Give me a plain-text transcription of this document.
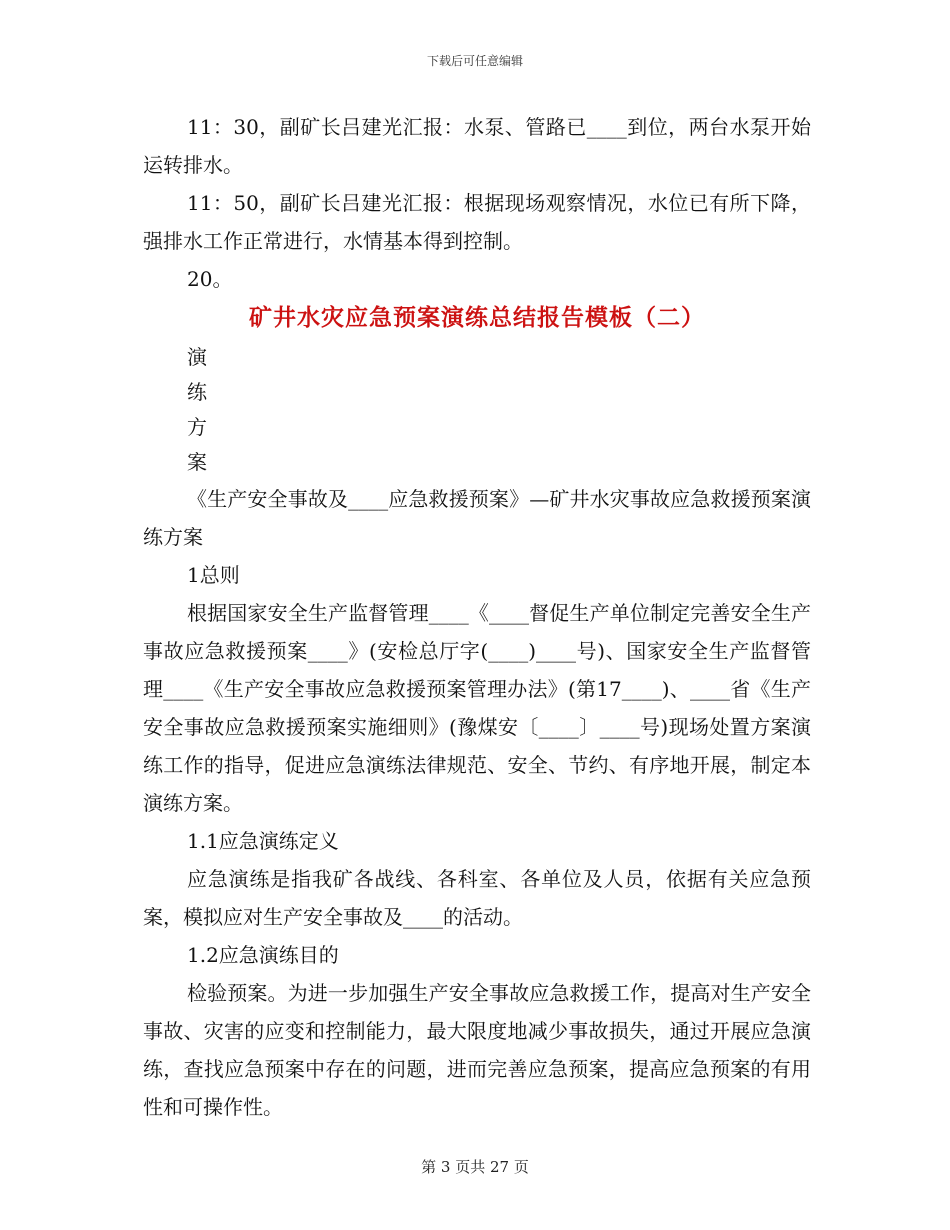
下载后可任意编辑

11：30，副矿长吕建光汇报：水泵、管路已____到位，两台水泵开始运转排水。

11：50，副矿长吕建光汇报：根据现场观察情况，水位已有所下降，强排水工作正常进行，水情基本得到控制。

20。

矿井水灾应急预案演练总结报告模板（二）

演

练

方

案

《生产安全事故及____应急救援预案》—矿井水灾事故应急救援预案演练方案

1总则

根据国家安全生产监督管理____《____督促生产单位制定完善安全生产事故应急救援预案____》(安检总厅字(____)____号)、国家安全生产监督管理____《生产安全事故应急救援预案管理办法》(第17____)、____省《生产安全事故应急救援预案实施细则》(豫煤安〔____〕____号)现场处置方案演练工作的指导，促进应急演练法律规范、安全、节约、有序地开展，制定本演练方案。

1.1应急演练定义

应急演练是指我矿各战线、各科室、各单位及人员，依据有关应急预案，模拟应对生产安全事故及____的活动。

1.2应急演练目的

检验预案。为进一步加强生产安全事故应急救援工作，提高对生产安全事故、灾害的应变和控制能力，最大限度地减少事故损失，通过开展应急演练，查找应急预案中存在的问题，进而完善应急预案，提高应急预案的有用性和可操作性。

第 3 页共 27 页
